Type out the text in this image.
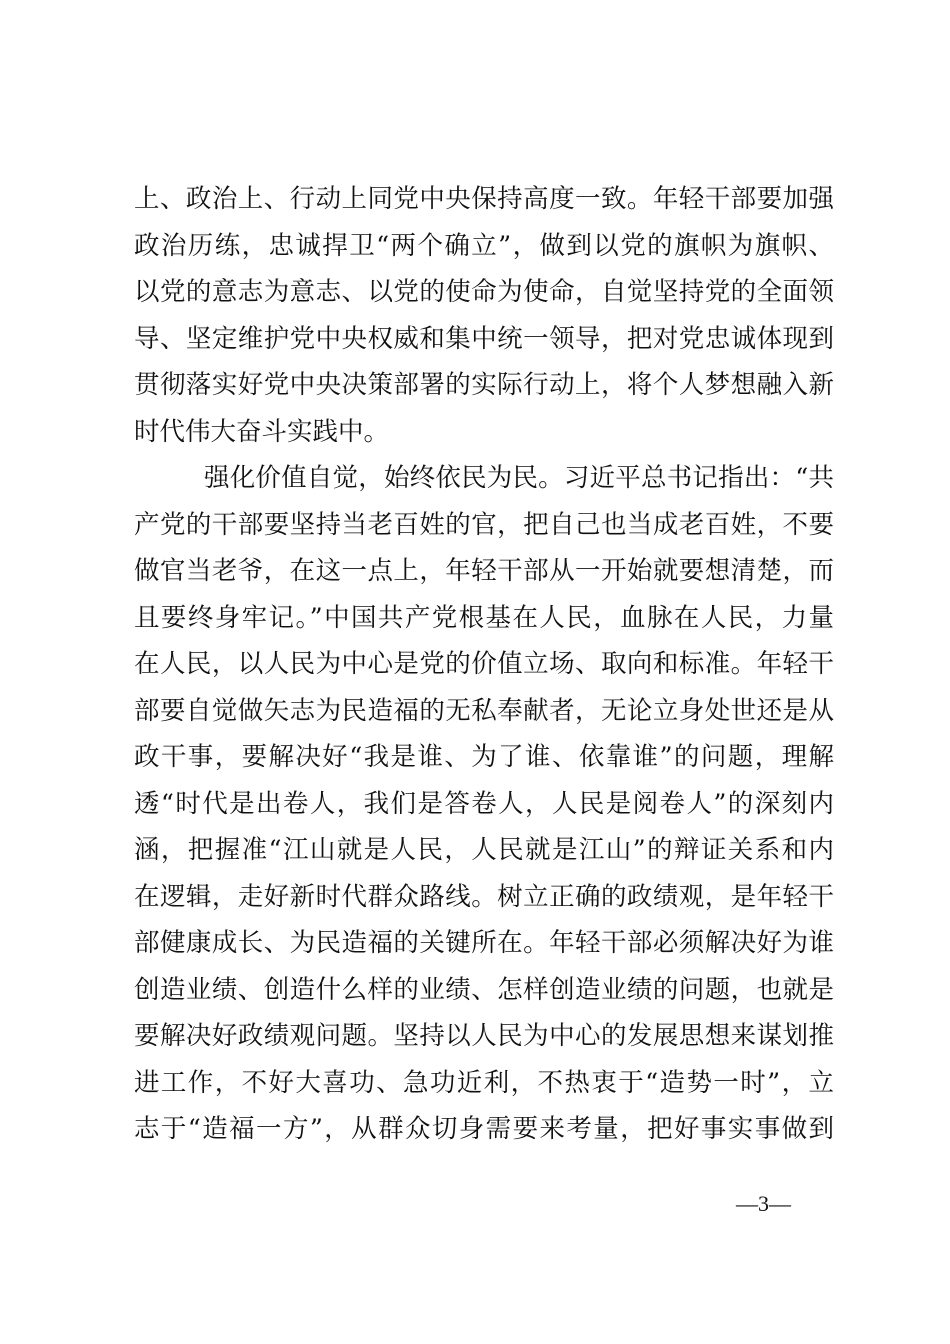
上、政治上、行动上同党中央保持高度一致。年轻干部要加强
政治历练，忠诚捍卫“两个确立”，做到以党的旗帜为旗帜、
以党的意志为意志、以党的使命为使命，自觉坚持党的全面领
导、坚定维护党中央权威和集中统一领导，把对党忠诚体现到
贯彻落实好党中央决策部署的实际行动上，将个人梦想融入新
时代伟大奋斗实践中。
强化价值自觉，始终依民为民。习近平总书记指出：“共
产党的干部要坚持当老百姓的官，把自己也当成老百姓，不要
做官当老爷，在这一点上，年轻干部从一开始就要想清楚，而
且要终身牢记。”中国共产党根基在人民，血脉在人民，力量
在人民，以人民为中心是党的价值立场、取向和标准。年轻干
部要自觉做矢志为民造福的无私奉献者，无论立身处世还是从
政干事，要解决好“我是谁、为了谁、依靠谁”的问题，理解
透“时代是出卷人，我们是答卷人，人民是阅卷人”的深刻内
涵，把握准“江山就是人民，人民就是江山”的辩证关系和内
在逻辑，走好新时代群众路线。树立正确的政绩观，是年轻干
部健康成长、为民造福的关键所在。年轻干部必须解决好为谁
创造业绩、创造什么样的业绩、怎样创造业绩的问题，也就是
要解决好政绩观问题。坚持以人民为中心的发展思想来谋划推
进工作，不好大喜功、急功近利，不热衷于“造势一时”，立
志于“造福一方”，从群众切身需要来考量，把好事实事做到
—3—
